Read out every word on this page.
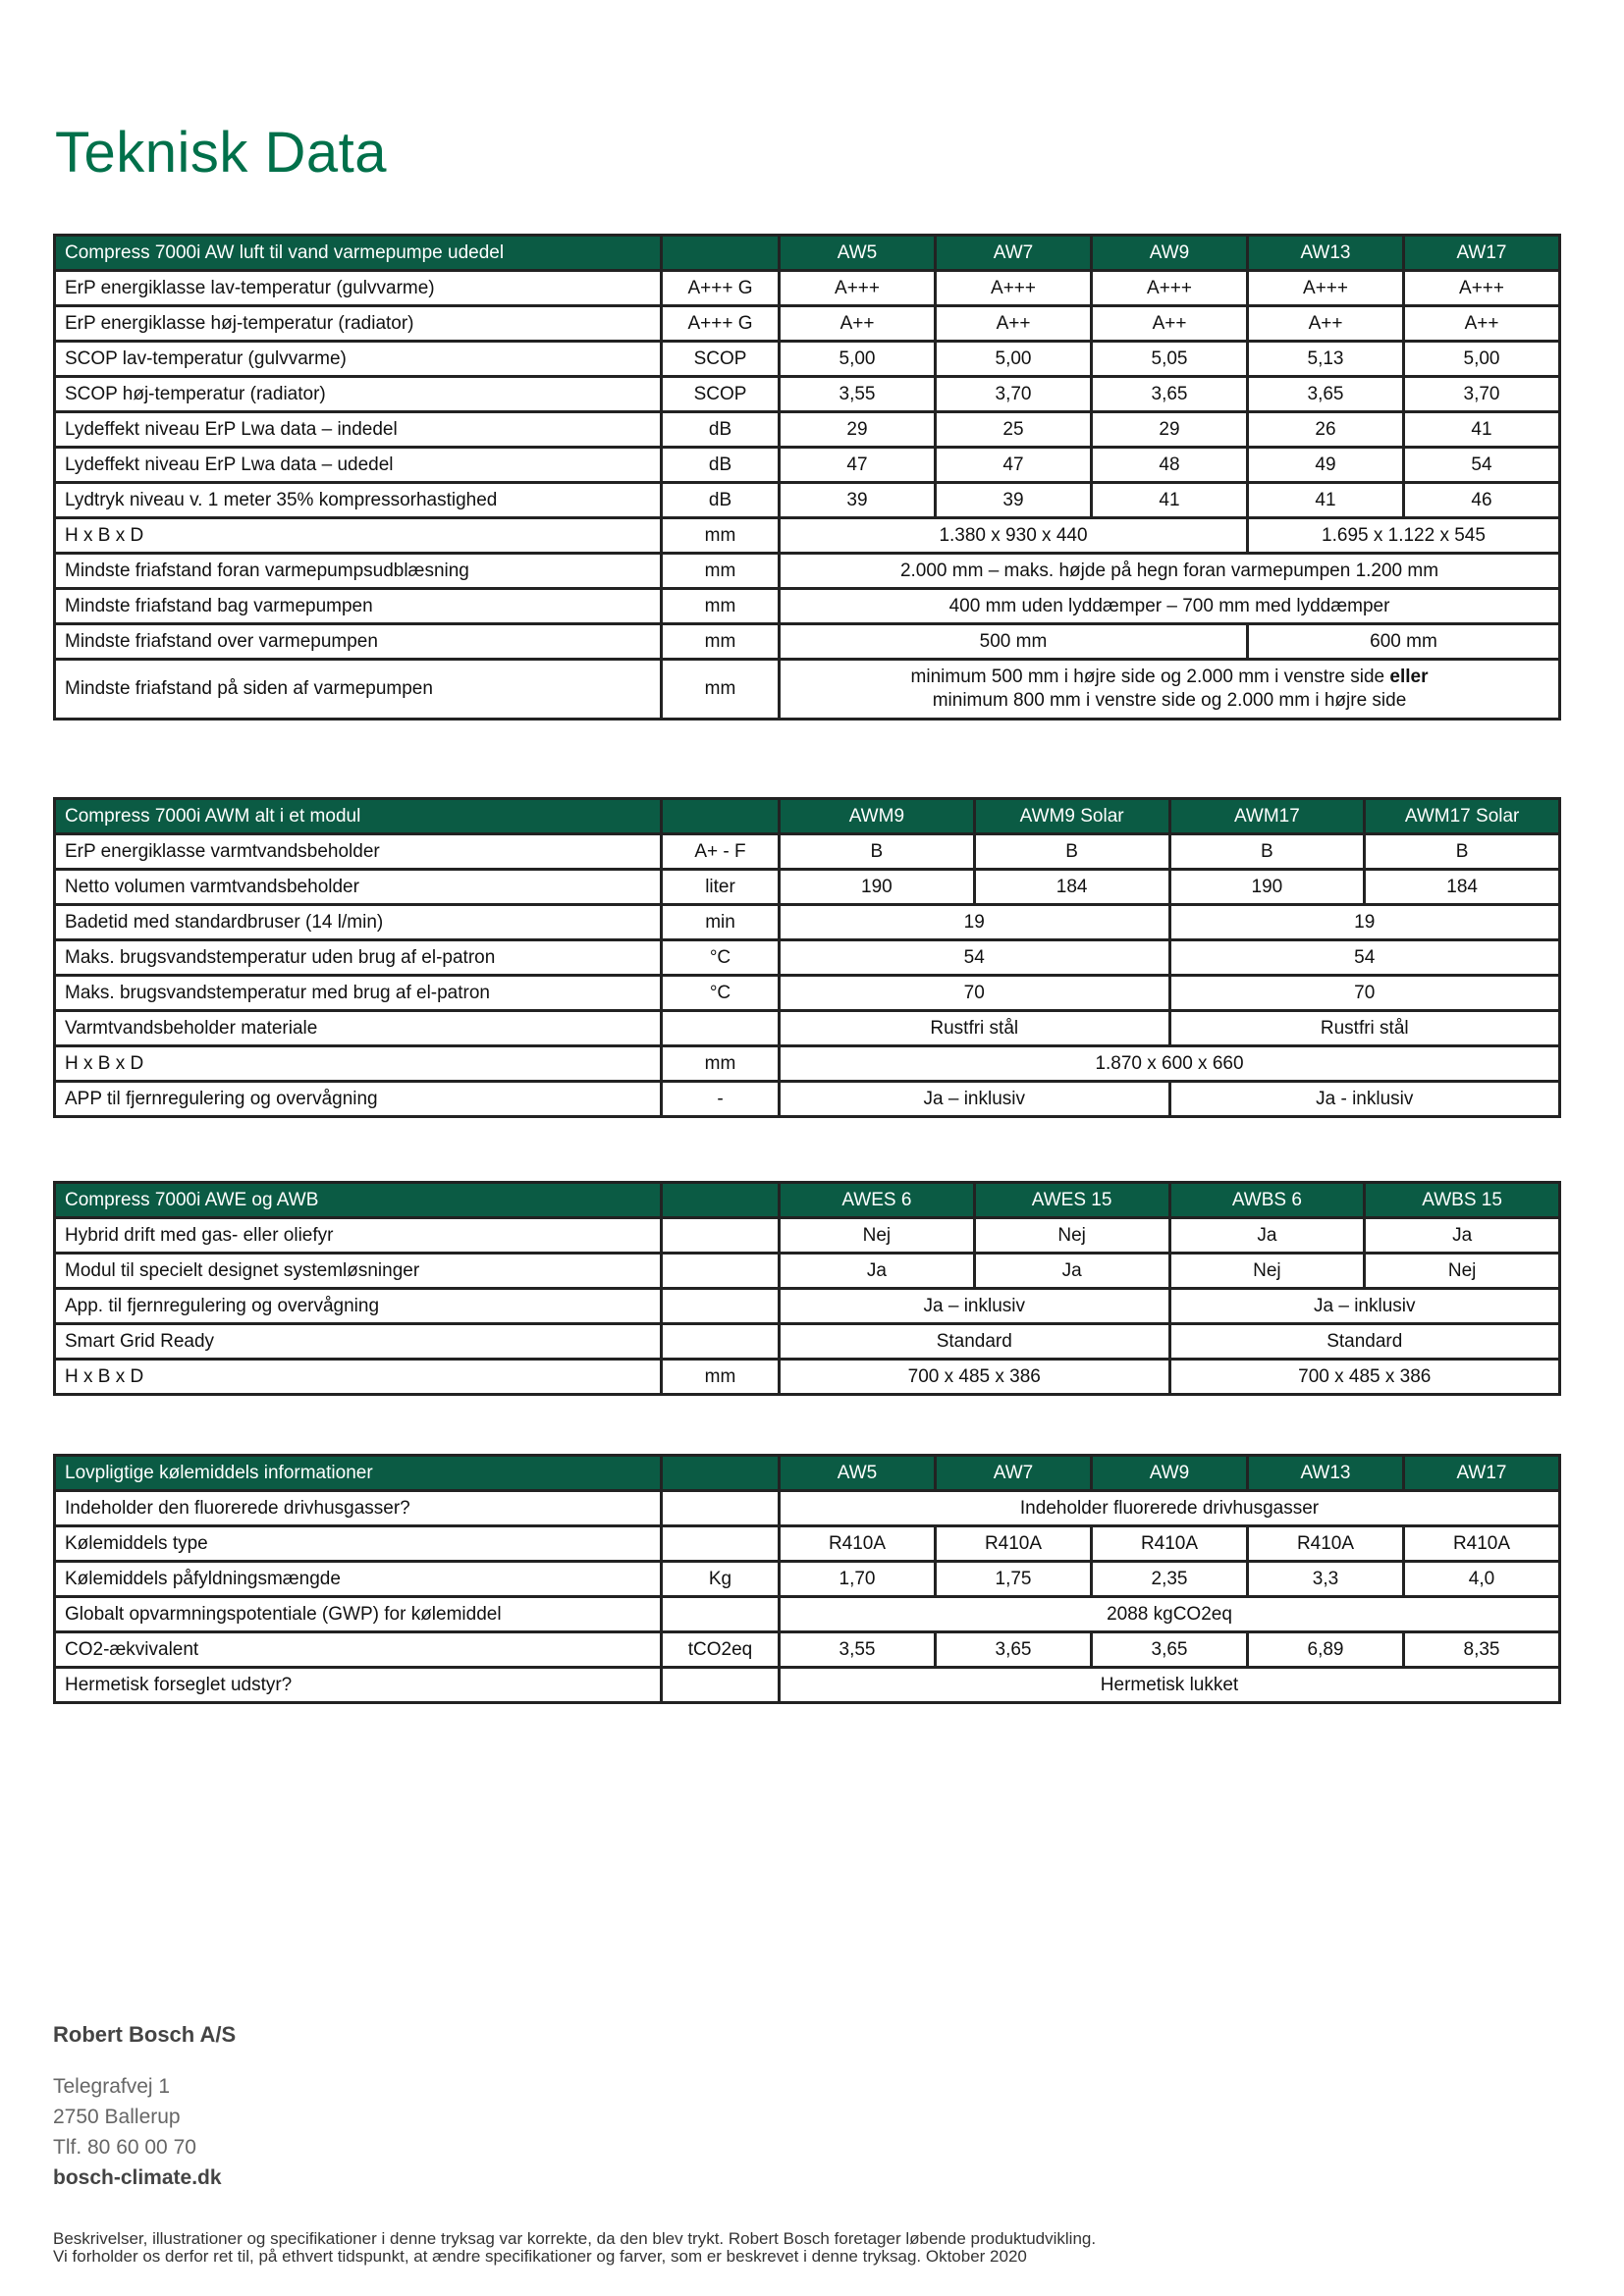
Teknisk Data
Compress 7000i AW luft til vand varmepumpe udedel		AW5	AW7	AW9	AW13	AW17
ErP energiklasse lav-temperatur (gulvvarme)	A+++ G	A+++	A+++	A+++	A+++	A+++
ErP energiklasse høj-temperatur (radiator)	A+++ G	A++	A++	A++	A++	A++
SCOP lav-temperatur (gulvvarme)	SCOP	5,00	5,00	5,05	5,13	5,00
SCOP høj-temperatur (radiator)	SCOP	3,55	3,70	3,65	3,65	3,70
Lydeffekt niveau ErP Lwa data – indedel	dB	29	25	29	26	41
Lydeffekt niveau ErP Lwa data – udedel	dB	47	47	48	49	54
Lydtryk niveau v. 1 meter 35% kompressorhastighed	dB	39	39	41	41	46
H x B x D	mm	1.380 x 930 x 440			1.695 x 1.122 x 545	
Mindste friafstand foran varmepumpsudblæsning	mm	2.000 mm – maks. højde på hegn foran varmepumpen 1.200 mm				
Mindste friafstand bag varmepumpen	mm	400 mm uden lyddæmper – 700 mm med lyddæmper				
Mindste friafstand over varmepumpen	mm	500 mm			600 mm	
Mindste friafstand på siden af varmepumpen	mm	minimum 500 mm i højre side og 2.000 mm i venstre side eller
minimum 800 mm i venstre side og 2.000 mm i højre side				
Compress 7000i AWM alt i et modul		AWM9	AWM9 Solar	AWM17	AWM17 Solar
ErP energiklasse varmtvandsbeholder	A+ - F	B	B	B	B
Netto volumen varmtvandsbeholder	liter	190	184	190	184
Badetid med standardbruser (14 l/min)	min	19		19	
Maks. brugsvandstemperatur uden brug af el-patron	°C	54		54	
Maks. brugsvandstemperatur med brug af el-patron	°C	70		70	
Varmtvandsbeholder materiale		Rustfri stål		Rustfri stål	
H x B x D	mm	1.870 x 600 x 660			
APP til fjernregulering og overvågning	-	Ja – inklusiv		Ja - inklusiv	
Compress 7000i AWE og AWB		AWES 6	AWES 15	AWBS 6	AWBS 15
Hybrid drift med gas- eller oliefyr		Nej	Nej	Ja	Ja
Modul til specielt designet systemløsninger		Ja	Ja	Nej	Nej
App. til fjernregulering og overvågning		Ja – inklusiv		Ja – inklusiv	
Smart Grid Ready		Standard		Standard	
H x B x D	mm	700 x 485 x 386		700 x 485 x 386	
Lovpligtige kølemiddels informationer		AW5	AW7	AW9	AW13	AW17
Indeholder den fluorerede drivhusgasser?		Indeholder fluorerede drivhusgasser				
Kølemiddels type		R410A	R410A	R410A	R410A	R410A
Kølemiddels påfyldningsmængde	Kg	1,70	1,75	2,35	3,3	4,0
Globalt opvarmningspotentiale (GWP) for kølemiddel		2088 kgCO2eq				
CO2-ækvivalent	tCO2eq	3,55	3,65	3,65	6,89	8,35
Hermetisk forseglet udstyr?		Hermetisk lukket				
Robert Bosch A/S
Telegrafvej 1
2750 Ballerup
Tlf. 80 60 00 70
bosch-climate.dk
Beskrivelser, illustrationer og specifikationer i denne tryksag var korrekte, da den blev trykt. Robert Bosch foretager løbende produktudvikling.
Vi forholder os derfor ret til, på ethvert tidspunkt, at ændre specifikationer og farver, som er beskrevet i denne tryksag. Oktober 2020
